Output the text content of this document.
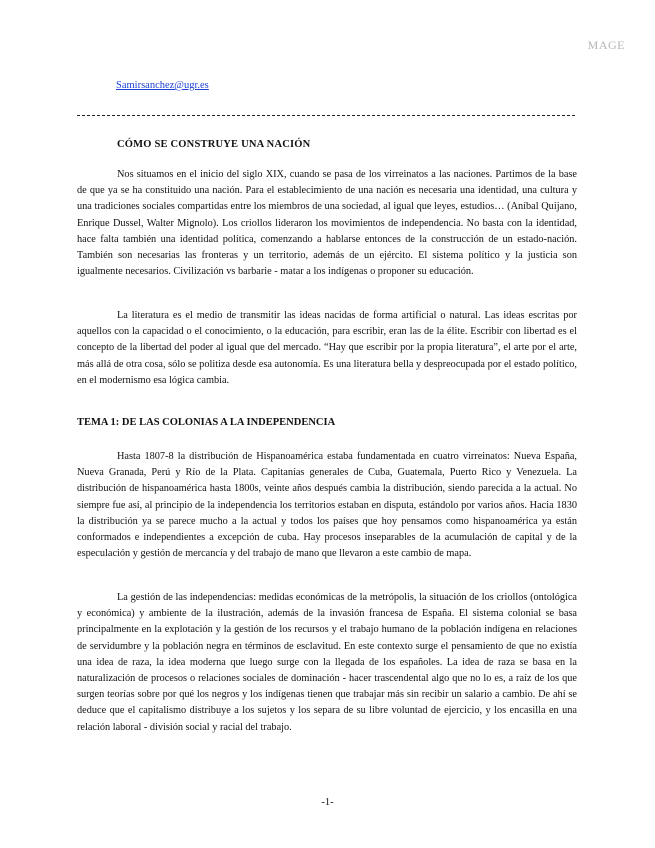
MAGE
Samirsanchez@ugr.es
CÓMO SE CONSTRUYE UNA NACIÓN

Nos situamos en el inicio del siglo XIX, cuando se pasa de los virreinatos a las naciones. Partimos de la base de que ya se ha constituido una nación. Para el establecimiento de una nación es necesaria una identidad, una cultura y una tradiciones sociales compartidas entre los miembros de una sociedad, al igual que leyes, estudios… (Aníbal Quijano, Enrique Dussel, Walter Mignolo). Los criollos lideraron los movimientos de independencia. No basta con la identidad, hace falta también una identidad política, comenzando a hablarse entonces de la construcción de un estado-nación. También son necesarias las fronteras y un territorio, además de un ejército. El sistema político y la justicia son igualmente necesarios. Civilización vs barbarie - matar a los indígenas o proponer su educación.

La literatura es el medio de transmitir las ideas nacidas de forma artificial o natural. Las ideas escritas por aquellos con la capacidad o el conocimiento, o la educación, para escribir, eran las de la élite. Escribir con libertad es el concepto de la libertad del poder al igual que del mercado. “Hay que escribir por la propia literatura”, el arte por el arte, más allá de otra cosa, sólo se politiza desde esa autonomía. Es una literatura bella y despreocupada por el estado político, en el modernismo esa lógica cambia.

TEMA 1: DE LAS COLONIAS A LA INDEPENDENCIA

Hasta 1807-8 la distribución de Hispanoamérica estaba fundamentada en cuatro virreinatos: Nueva España, Nueva Granada, Perú y Río de la Plata. Capitanías generales de Cuba, Guatemala, Puerto Rico y Venezuela. La distribución de hispanoamérica hasta 1800s, veinte años después cambia la distribución, siendo parecida a la actual. No siempre fue así, al principio de la independencia los territorios estaban en disputa, estándolo por varios años. Hacia 1830 la distribución ya se parece mucho a la actual y todos los países que hoy pensamos como hispanoamérica ya están conformados e independientes a excepción de cuba. Hay procesos inseparables de la acumulación de capital y de la especulación y gestión de mercancía y del trabajo de mano que llevaron a este cambio de mapa.

La gestión de las independencias: medidas económicas de la metrópolis, la situación de los criollos (ontológica y económica) y ambiente de la ilustración, además de la invasión francesa de España. El sistema colonial se basa principalmente en la explotación y la gestión de los recursos y el trabajo humano de la población indígena en relaciones de servidumbre y la población negra en términos de esclavitud. En este contexto surge el pensamiento de que no existía una idea de raza, la idea moderna que luego surge con la llegada de los españoles. La idea de raza se basa en la naturalización de procesos o relaciones sociales de dominación - hacer trascendental algo que no lo es, a raíz de los que surgen teorías sobre por qué los negros y los indígenas tienen que trabajar más sin recibir un salario a cambio. De ahí se deduce que el capitalismo distribuye a los sujetos y los separa de su libre voluntad de ejercicio, y los encasilla en una relación laboral - división social y racial del trabajo.

-1-
